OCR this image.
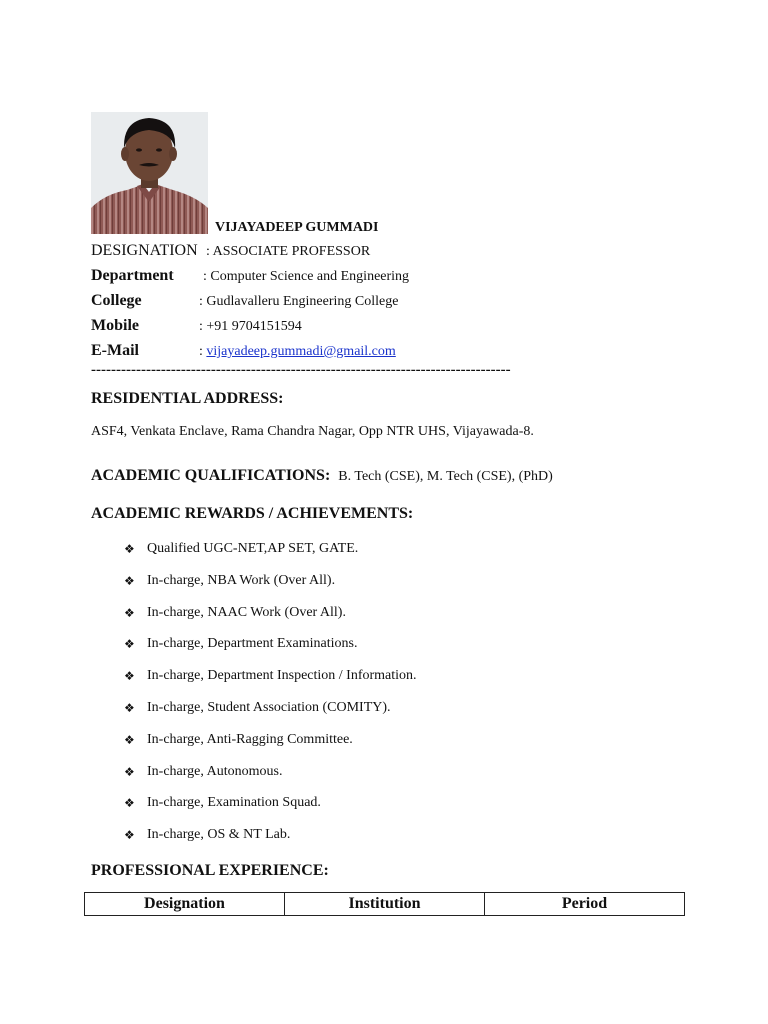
VIJAYADEEP GUMMADI
DESIGNATION : ASSOCIATE PROFESSOR
Department : Computer Science and Engineering
College	: Gudlavalleru Engineering College
Mobile	: +91 9704151594
E-Mail	: vijayadeep.gummadi@gmail.com
------------------------------------------------------------------------------------
RESIDENTIAL ADDRESS:
ASF4, Venkata Enclave, Rama Chandra Nagar, Opp NTR UHS, Vijayawada-8.
ACADEMIC QUALIFICATIONS: B. Tech (CSE), M. Tech (CSE), (PhD)
ACADEMIC REWARDS / ACHIEVEMENTS:
❖ Qualified UGC-NET,AP SET, GATE.
❖ In-charge, NBA Work (Over All).
❖ In-charge, NAAC Work (Over All).
❖ In-charge, Department Examinations.
❖ In-charge, Department Inspection / Information.
❖ In-charge, Student Association (COMITY).
❖ In-charge, Anti-Ragging Committee.
❖ In-charge, Autonomous.
❖ In-charge, Examination Squad.
❖ In-charge, OS & NT Lab.
PROFESSIONAL EXPERIENCE:
Designation	Institution	Period
